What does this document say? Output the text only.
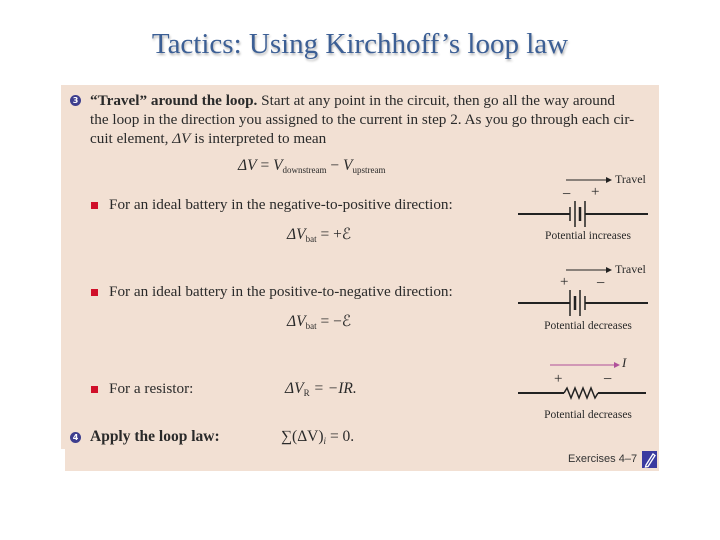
Tactics: Using Kirchhoff’s loop law
3 “Travel” around the loop. Start at any point in the circuit, then go all the way around
the loop in the direction you assigned to the current in step 2. As you go through each cir-
cuit element, ΔV is interpreted to mean
$\Delta V = V_{downstream} - V_{upstream}$
For an ideal battery in the negative-to-positive direction:
$\Delta V_{bat}$ = +ℰ
Travel
− +
Potential increases
For an ideal battery in the positive-to-negative direction:
$\Delta V_{bat}$ = −ℰ
Travel
+ −
Potential decreases
For a resistor:	$\Delta V_R = -IR$.
I
+	−
Potential decreases
4 Apply the loop law:	$\sum(\Delta V)_i = 0$.
Exercises 4–7
